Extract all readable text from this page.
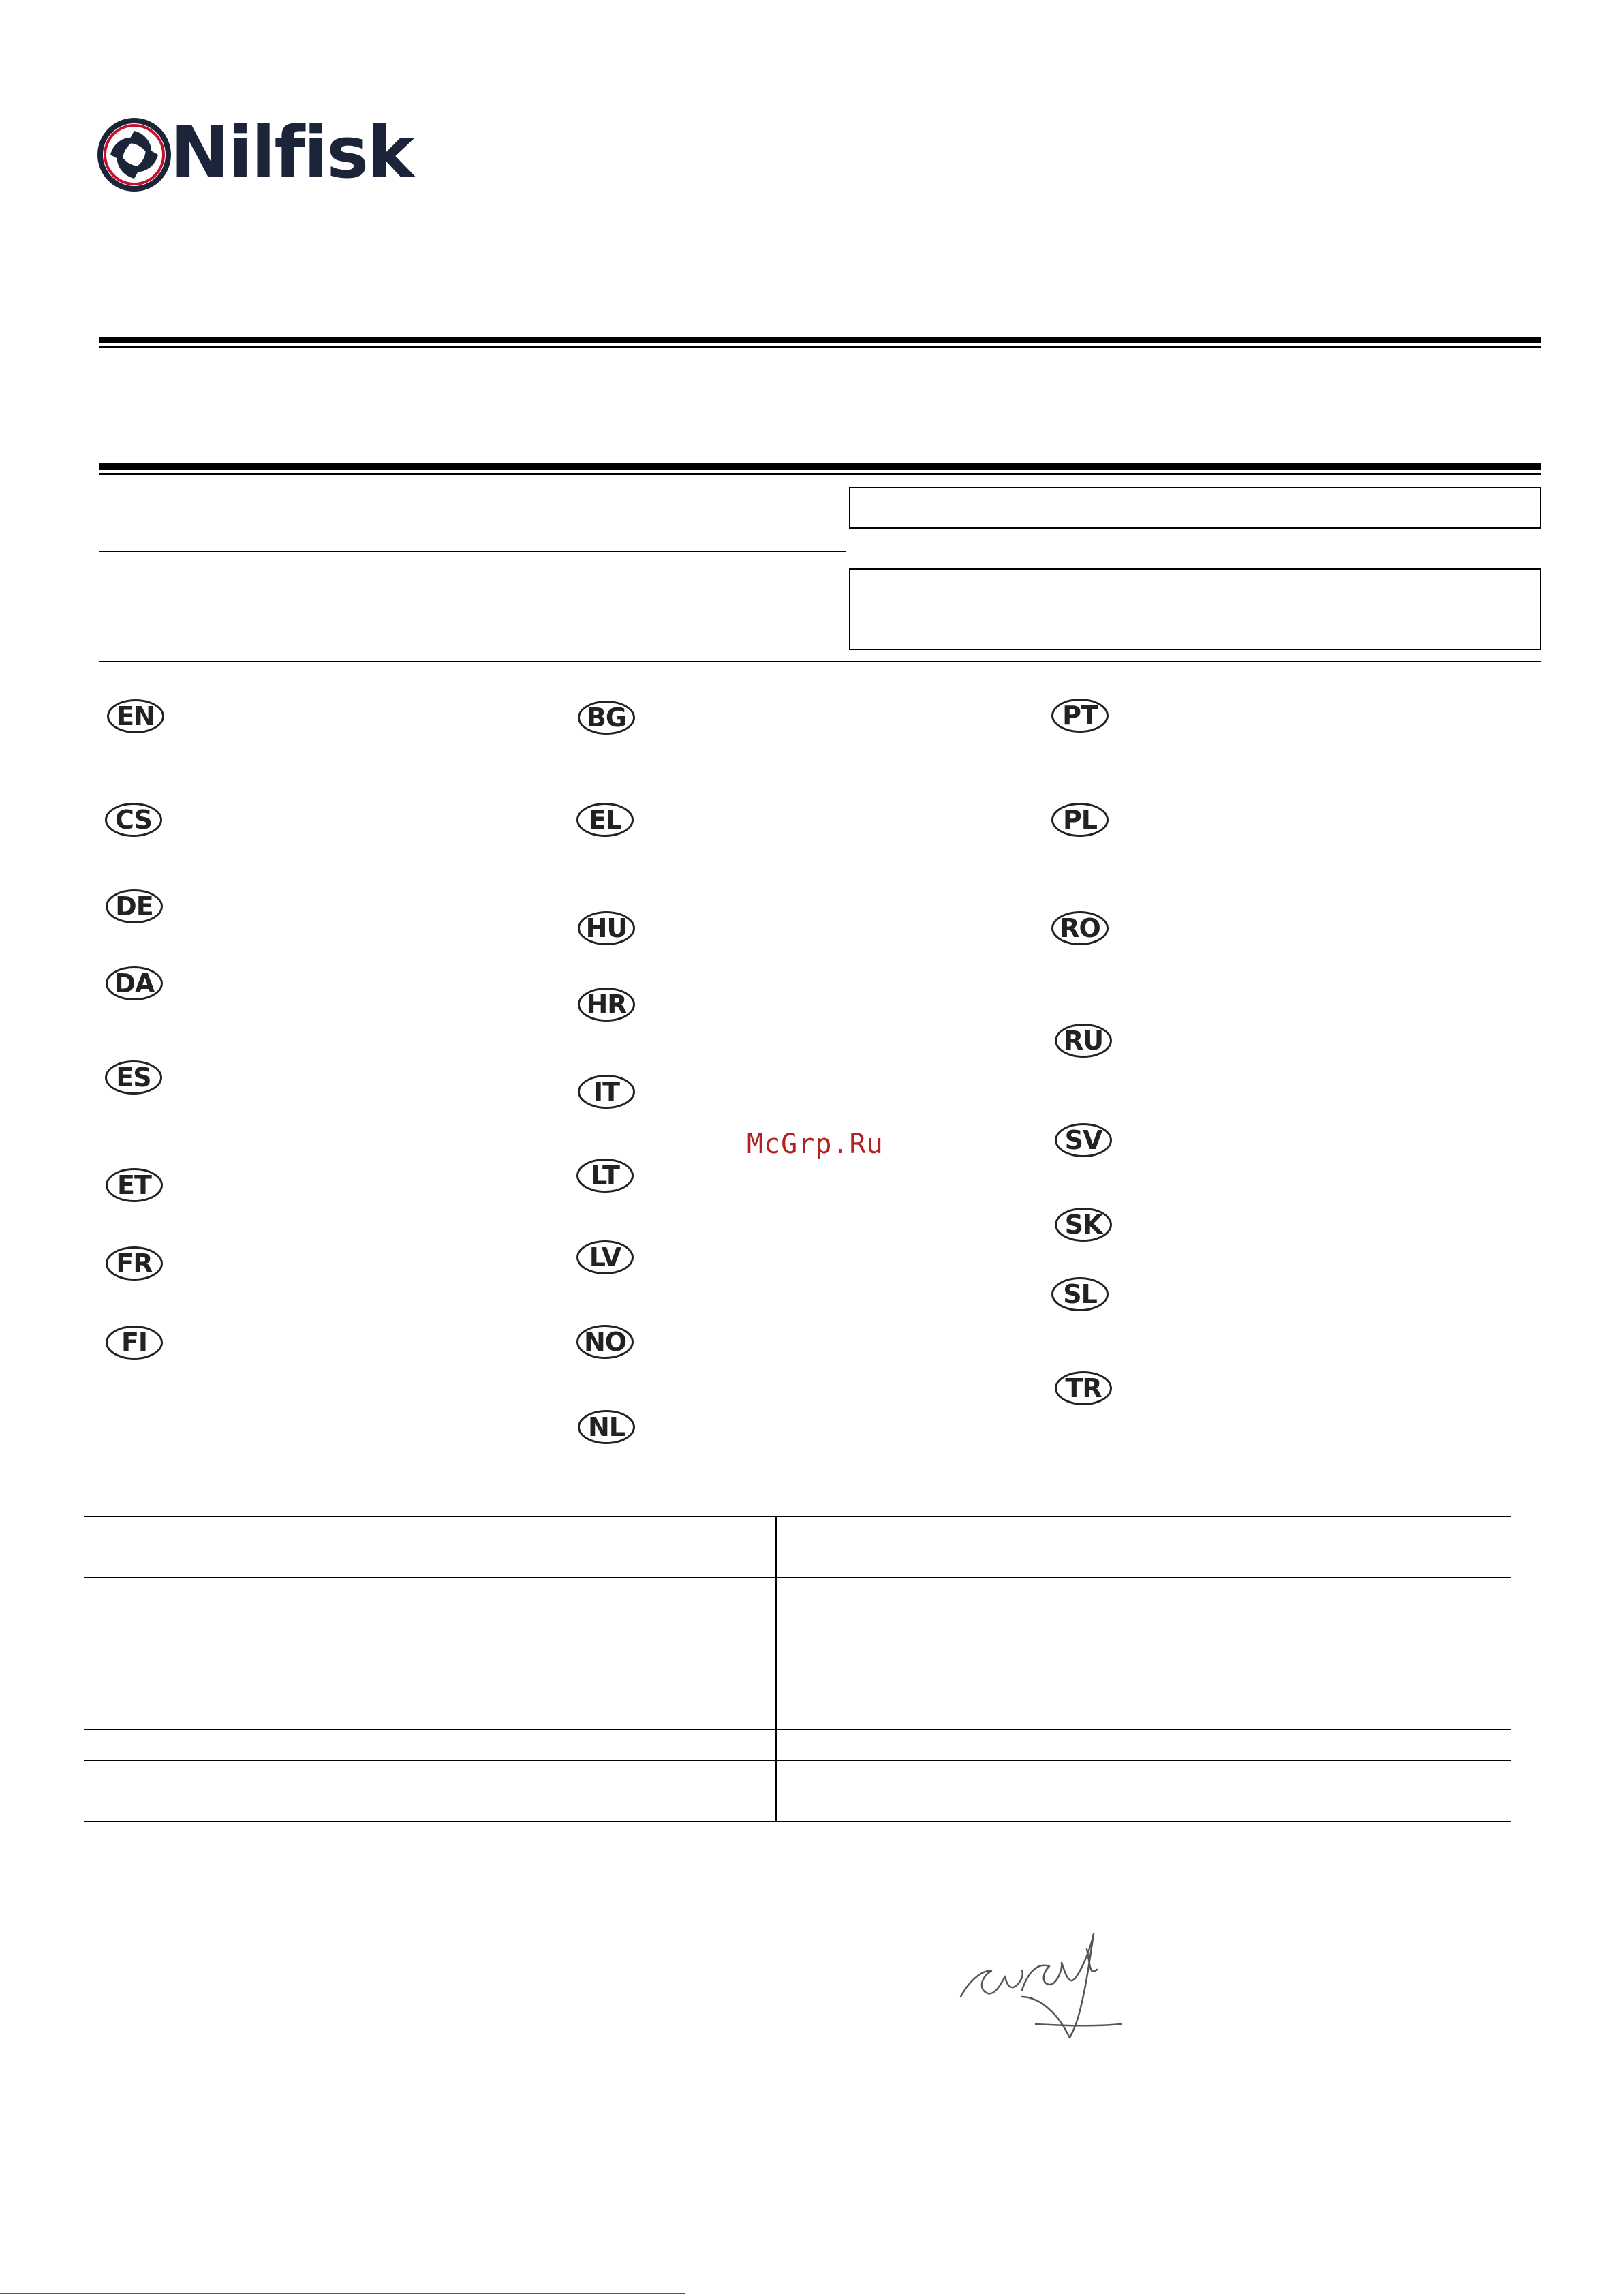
Nilfisk
EN
CS
DE
DA
ES
ET
FR
FI
BG
EL
HU
HR
IT
LT
LV
NO
NL
PT
PL
RO
RU
SV
SK
SL
TR
McGrp.Ru
